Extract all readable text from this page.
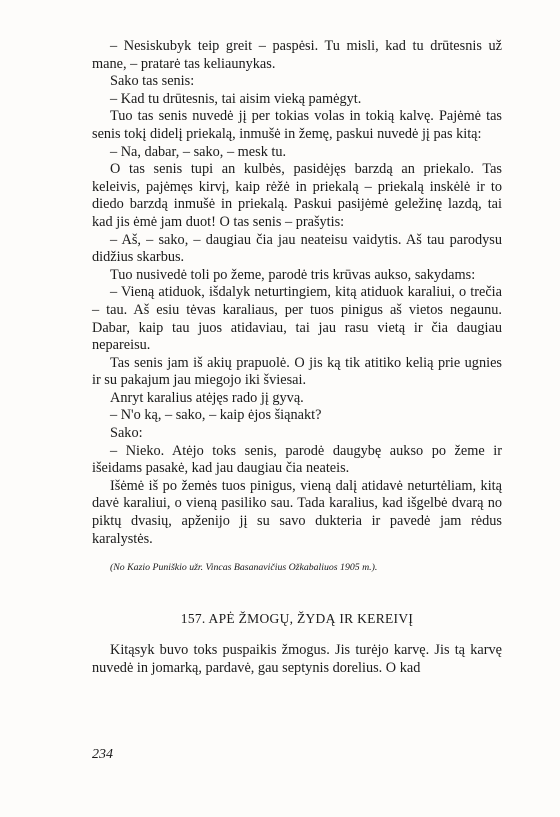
– Nesiskubyk teip greit – paspėsi. Tu misli, kad tu drūtesnis už mane, – pratarė tas keliaunykas.

Sako tas senis:

– Kad tu drūtesnis, tai aisim vieką pamėgyt.

Tuo tas senis nuvedė jį per tokias volas in tokią kalvę. Pajėmė tas senis tokį didelį priekalą, inmušė in žemę, paskui nuvedė jį pas kitą:

– Na, dabar, – sako, – mesk tu.

O tas senis tupi an kulbės, pasidėjęs barzdą an priekalo. Tas keleivis, pajėmęs kirvį, kaip rėžė in priekalą – priekalą inskėlė ir to diedo barzdą inmušė in priekalą. Paskui pasijėmė geležinę lazdą, tai kad jis ėmė jam duot! O tas senis – prašytis:

– Aš, – sako, – daugiau čia jau neateisu vaidytis. Aš tau parodysu didžius skarbus.

Tuo nusivedė toli po žeme, parodė tris krūvas aukso, sakydams:

– Vieną atiduok, išdalyk neturtingiem, kitą atiduok karaliui, o trečia – tau. Aš esiu tėvas karaliaus, per tuos pinigus aš vietos negaunu. Dabar, kaip tau juos atidaviau, tai jau rasu vietą ir čia daugiau nepareisu.

Tas senis jam iš akių prapuolė. O jis ką tik atitiko kelią prie ugnies ir su pakajum jau miegojo iki šviesai.

Anryt karalius atėjęs rado jį gyvą.

– N'o ką, – sako, – kaip ėjos šiąnakt?

Sako:

– Nieko. Atėjo toks senis, parodė daugybę aukso po žeme ir išeidams pasakė, kad jau daugiau čia neateis.

Išėmė iš po žemės tuos pinigus, vieną dalį atidavė neturtėliam, kitą davė karaliui, o vieną pasiliko sau. Tada karalius, kad išgelbė dvarą no piktų dvasių, apženijo jį su savo dukteria ir pavedė jam rėdus karalystės.

(No Kazio Puniškio užr. Vincas Basanavičius Ožkabaliuos 1905 m.).
157. APĖ ŽMOGŲ, ŽYDĄ IR KEREIVĮ

Kitąsyk buvo toks puspaikis žmogus. Jis turėjo karvę. Jis tą karvę nuvedė in jomarką, pardavė, gau septynis dorelius. O kad

234
